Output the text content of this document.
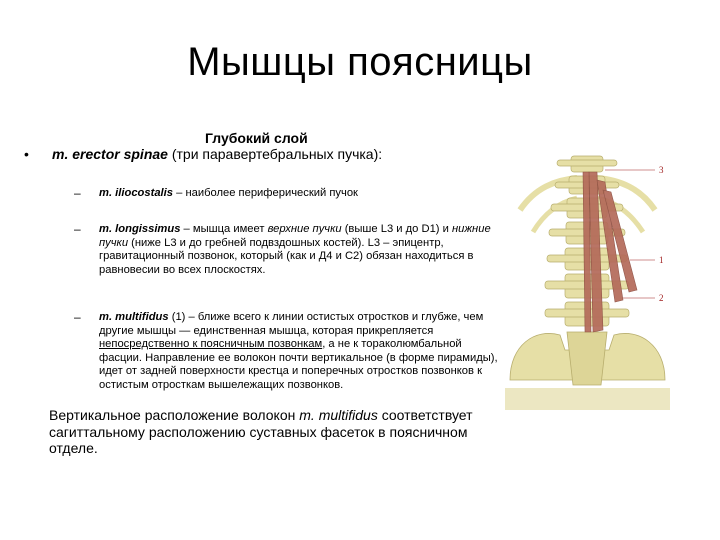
Мышцы поясницы
Глубокий слой
• m. erector spinae (три паравертебральных пучка):
– m. iliocostalis – наиболее периферический пучок
– m. longissimus – мышца имеет верхние пучки (выше L3 и до D1) и нижние пучки (ниже L3 и до гребней подвздошных костей). L3 – эпицентр, гравитационный позвонок, который (как и Д4 и С2) обязан находиться в равновесии во всех плоскостях.
– m. multifidus (1) – ближе всего к линии остистых отростков и глубже, чем другие мышцы — единственная мышца, которая прикрепляется непосредственно к поясничным позвонкам, а не к тораколюмбальной фасции. Направление ее волокон почти вертикальное (в форме пирамиды), идет от задней поверхности крестца и поперечных отростков позвонков к остистым отросткам вышележащих позвонков.
Вертикальное расположение волокон m. multifidus соответствует сагиттальному расположению суставных фасеток в поясничном отделе.
3
1
2
